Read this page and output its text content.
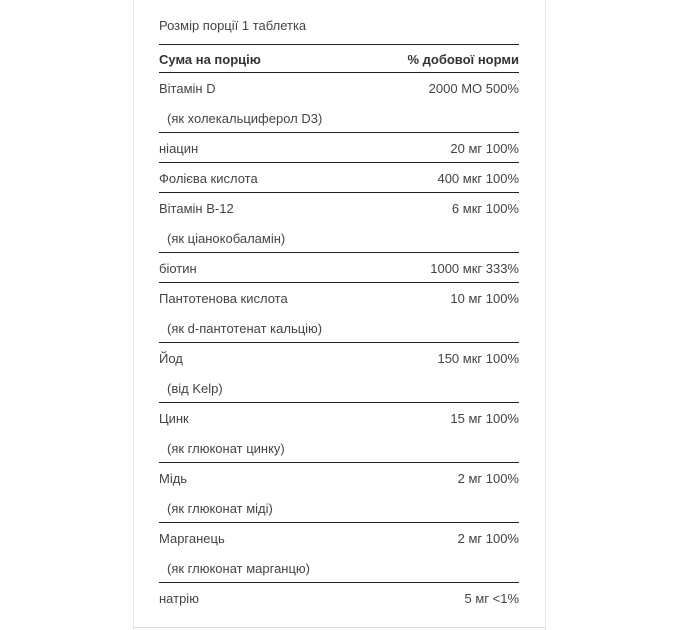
Розмір порції 1 таблетка
Сума на порцію	% добової норми
Вітамін D	2000 МО 500%
(як холекальциферол D3)
ніацин	20 мг 100%
Фолієва кислота	400 мкг 100%
Вітамін B-12	6 мкг 100%
(як ціанокобаламін)
біотин	1000 мкг 333%
Пантотенова кислота	10 мг 100%
(як d-пантотенат кальцію)
Йод	150 мкг 100%
(від Kelp)
Цинк	15 мг 100%
(як глюконат цинку)
Мідь	2 мг 100%
(як глюконат міді)
Марганець	2 мг 100%
(як глюконат марганцю)
натрію	5 мг <1%
